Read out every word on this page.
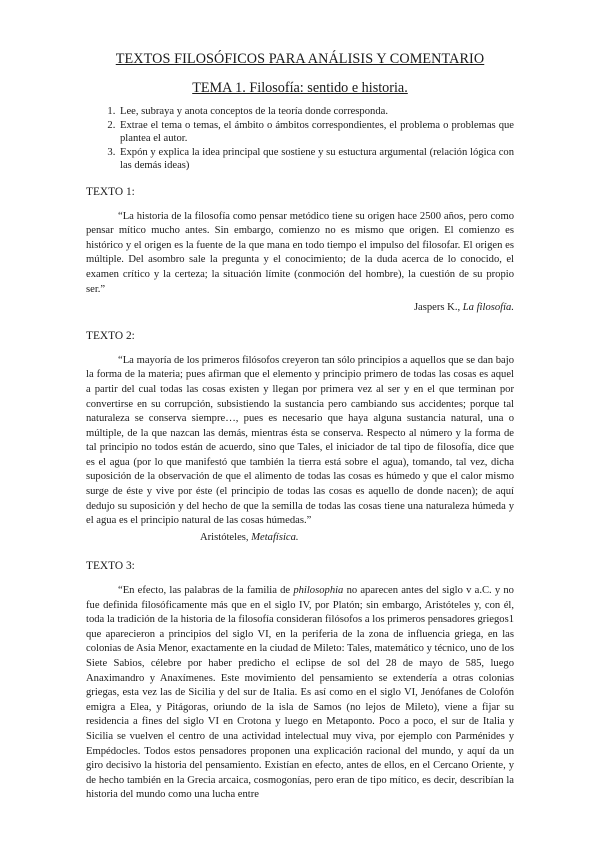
TEXTOS FILOSÓFICOS PARA ANÁLISIS Y COMENTARIO
TEMA 1. Filosofía: sentido e historia.
1. Lee, subraya y anota conceptos de la teoría donde corresponda.
2. Extrae el tema o temas, el ámbito o ámbitos correspondientes, el problema o problemas que plantea el autor.
3. Expón y explica la idea principal que sostiene y su estuctura argumental (relación lógica con las demás ideas)
TEXTO 1:

“La historia de la filosofía como pensar metódico tiene su origen hace 2500 años, pero como pensar mítico mucho antes. Sin embargo, comienzo no es mismo que origen. El comienzo es histórico y el origen es la fuente de la que mana en todo tiempo el impulso del filosofar. El origen es múltiple. Del asombro sale la pregunta y el conocimiento; de la duda acerca de lo conocido, el examen crítico y la certeza; la situación límite (conmoción del hombre), la cuestión de su propio ser.”

Jaspers K., La filosofía.
TEXTO 2:

“La mayoría de los primeros filósofos creyeron tan sólo principios a aquellos que se dan bajo la forma de la materia; pues afirman que el elemento y principio primero de todas las cosas es aquel a partir del cual todas las cosas existen y llegan por primera vez al ser y en el que terminan por convertirse en su corrupción, subsistiendo la sustancia pero cambiando sus accidentes; porque tal naturaleza se conserva siempre…, pues es necesario que haya alguna sustancia natural, una o múltiple, de la que nazcan las demás, mientras ésta se conserva. Respecto al número y la forma de tal principio no todos están de acuerdo, sino que Tales, el iniciador de tal tipo de filosofía, dice que es el agua (por lo que manifestó que también la tierra está sobre el agua), tomando, tal vez, dicha suposición de la observación de que el alimento de todas las cosas es húmedo y que el calor mismo surge de éste y vive por éste (el principio de todas las cosas es aquello de donde nacen); de aquí dedujo su suposición y del hecho de que la semilla de todas las cosas tiene una naturaleza húmeda y el agua es el principio natural de las cosas húmedas.”

Aristóteles, Metafísica.
TEXTO 3:

“En efecto, las palabras de la familia de philosophia no aparecen antes del siglo v a.C. y no fue definida filosóficamente más que en el siglo IV, por Platón; sin embargo, Aristóteles y, con él, toda la tradición de la historia de la filosofía consideran filósofos a los primeros pensadores griegos1 que aparecieron a principios del siglo VI, en la periferia de la zona de influencia griega, en las colonias de Asia Menor, exactamente en la ciudad de Mileto: Tales, matemático y técnico, uno de los Siete Sabios, célebre por haber predicho el eclipse de sol del 28 de mayo de 585, luego Anaximandro y Anaxímenes. Este movimiento del pensamiento se extendería a otras colonias griegas, esta vez las de Sicilia y del sur de Italia. Es así como en el siglo VI, Jenófanes de Colofón emigra a Elea, y Pitágoras, oriundo de la isla de Samos (no lejos de Mileto), viene a fijar su residencia a fines del siglo VI en Crotona y luego en Metaponto. Poco a poco, el sur de Italia y Sicilia se vuelven el centro de una actividad intelectual muy viva, por ejemplo con Parménides y Empédocles. Todos estos pensadores proponen una explicación racional del mundo, y aquí da un giro decisivo la historia del pensamiento. Existían en efecto, antes de ellos, en el Cercano Oriente, y de hecho también en la Grecia arcaica, cosmogonías, pero eran de tipo mítico, es decir, describían la historia del mundo como una lucha entre
